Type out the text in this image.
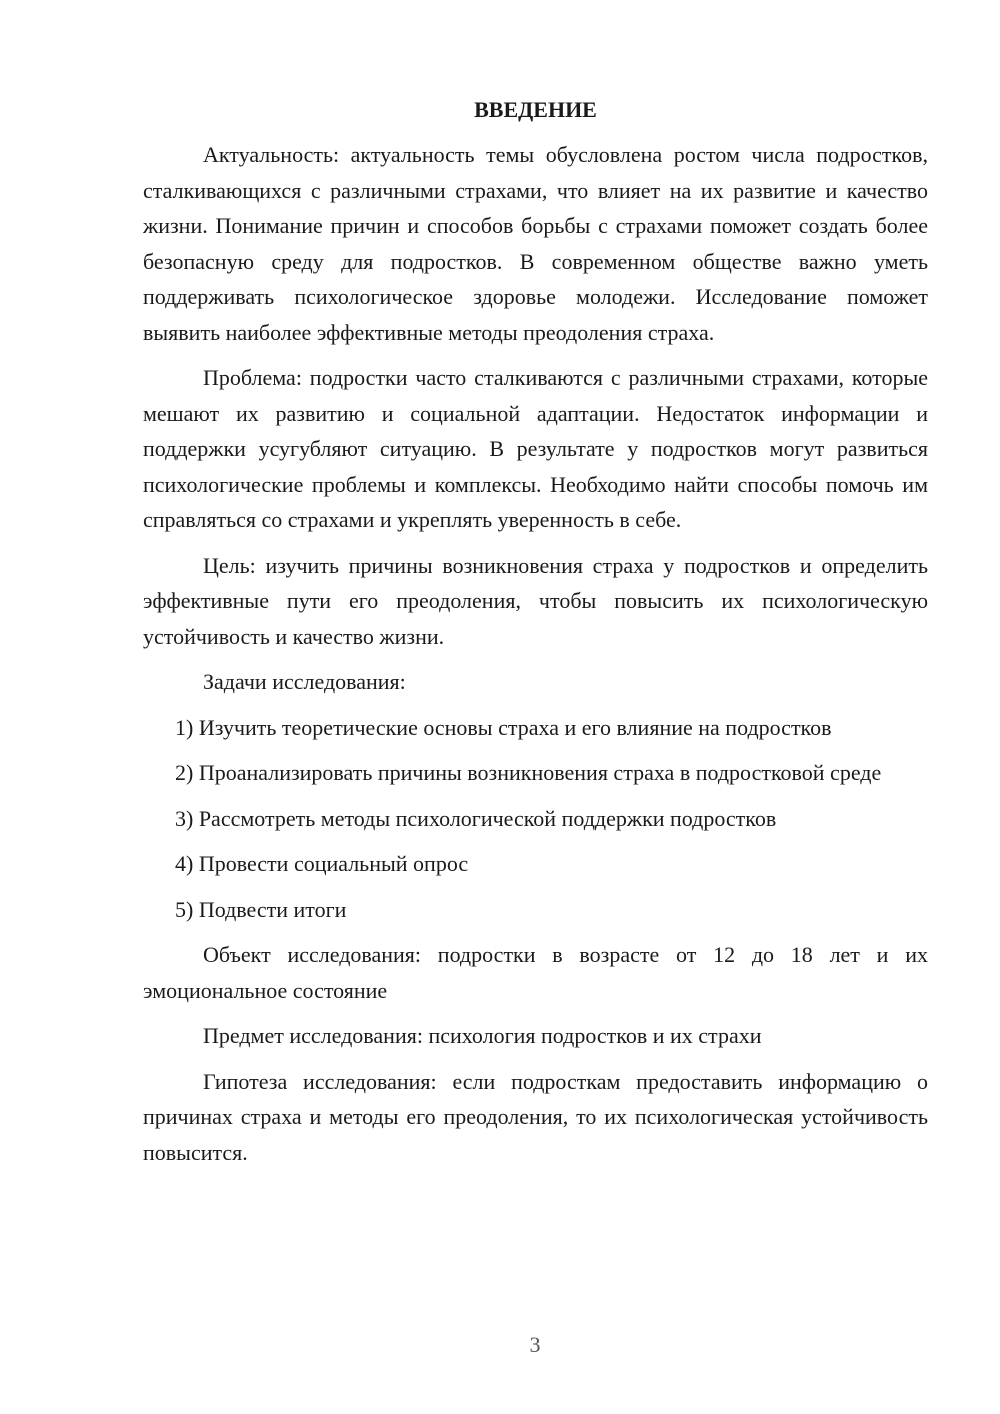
ВВЕДЕНИЕ

Актуальность: актуальность темы обусловлена ростом числа подростков, сталкивающихся с различными страхами, что влияет на их развитие и качество жизни. Понимание причин и способов борьбы с страхами поможет создать более безопасную среду для подростков. В современном обществе важно уметь поддерживать психологическое здоровье молодежи. Исследование поможет выявить наиболее эффективные методы преодоления страха.

Проблема: подростки часто сталкиваются с различными страхами, которые мешают их развитию и социальной адаптации. Недостаток информации и поддержки усугубляют ситуацию. В результате у подростков могут развиться психологические проблемы и комплексы. Необходимо найти способы помочь им справляться со страхами и укреплять уверенность в себе.

Цель: изучить причины возникновения страха у подростков и определить эффективные пути его преодоления, чтобы повысить их психологическую устойчивость и качество жизни.

Задачи исследования:

1) Изучить теоретические основы страха и его влияние на подростков

2) Проанализировать причины возникновения страха в подростковой среде

3) Рассмотреть методы психологической поддержки подростков

4) Провести социальный опрос

5) Подвести итоги

Объект исследования: подростки в возрасте от 12 до 18 лет и их эмоциональное состояние

Предмет исследования: психология подростков и их страхи

Гипотеза исследования: если подросткам предоставить информацию о причинах страха и методы его преодоления, то их психологическая устойчивость повысится.

3
